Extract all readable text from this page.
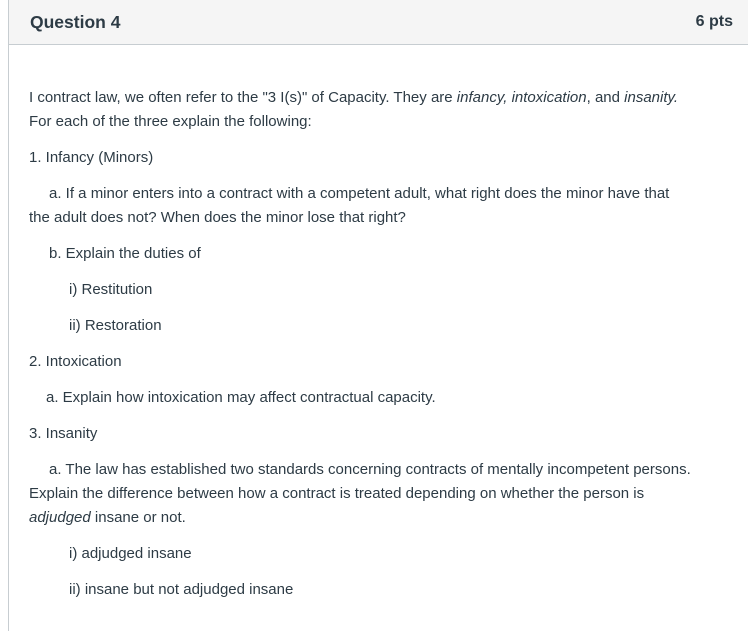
Question 4	6 pts
I contract law, we often refer to the "3 I(s)" of Capacity. They are infancy, intoxication, and insanity.
For each of the three explain the following:
1. Infancy (Minors)
a. If a minor enters into a contract with a competent adult, what right does the minor have that
the adult does not? When does the minor lose that right?
b. Explain the duties of
i) Restitution
ii) Restoration
2. Intoxication
a. Explain how intoxication may affect contractual capacity.
3. Insanity
a. The law has established two standards concerning contracts of mentally incompetent persons.
Explain the difference between how a contract is treated depending on whether the person is
adjudged insane or not.
i) adjudged insane
ii) insane but not adjudged insane
